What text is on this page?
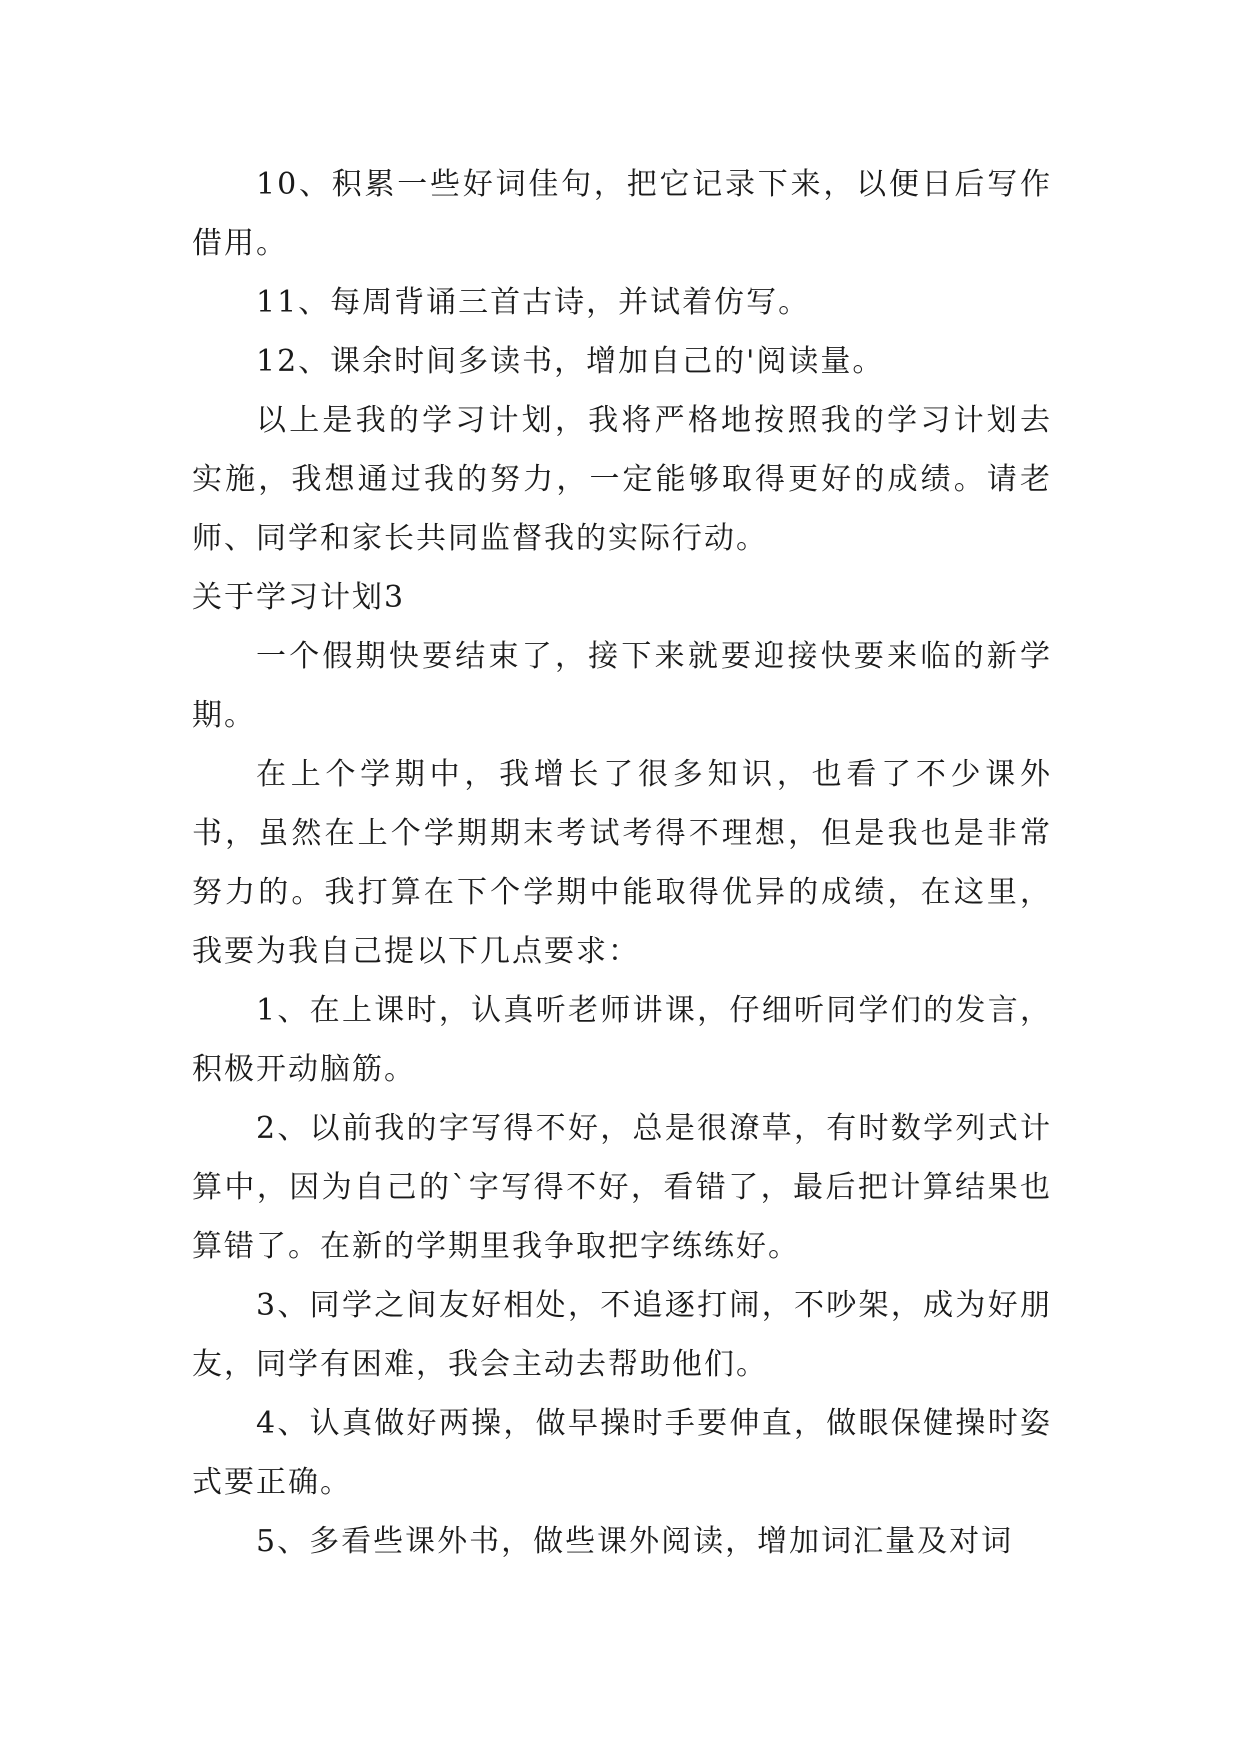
10、积累一些好词佳句，把它记录下来，以便日后写作借用。

11、每周背诵三首古诗，并试着仿写。

12、课余时间多读书，增加自己的'阅读量。

以上是我的学习计划，我将严格地按照我的学习计划去实施，我想通过我的努力，一定能够取得更好的成绩。请老师、同学和家长共同监督我的实际行动。

关于学习计划3

一个假期快要结束了，接下来就要迎接快要来临的新学期。

在上个学期中，我增长了很多知识，也看了不少课外书，虽然在上个学期期末考试考得不理想，但是我也是非常努力的。我打算在下个学期中能取得优异的成绩，在这里，我要为我自己提以下几点要求：

1、在上课时，认真听老师讲课，仔细听同学们的发言，积极开动脑筋。

2、以前我的字写得不好，总是很潦草，有时数学列式计算中，因为自己的`字写得不好，看错了，最后把计算结果也算错了。在新的学期里我争取把字练练好。

3、同学之间友好相处，不追逐打闹，不吵架，成为好朋友，同学有困难，我会主动去帮助他们。

4、认真做好两操，做早操时手要伸直，做眼保健操时姿式要正确。

5、多看些课外书，做些课外阅读，增加词汇量及对词
